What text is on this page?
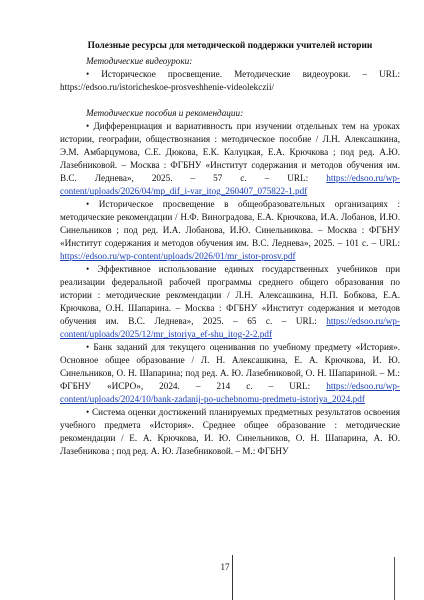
Полезные ресурсы для методической поддержки учителей истории

Методические видеоуроки:

• Историческое просвещение. Методические видеоуроки. – URL: https://edsoo.ru/istoricheskoe-prosveshhenie-videolekczii/

Методические пособия и рекомендации:

• Дифференциация и вариативность при изучении отдельных тем на уроках истории, географии, обществознания : методическое пособие / Л.Н. Алексашкина, Э.М. Амбарцумова, С.Е. Дюкова, Е.К. Калуцкая, Е.А. Крючкова ; под ред. А.Ю. Лазебниковой. – Москва : ФГБНУ «Институт содержания и методов обучения им. В.С. Леднева», 2025. – 57 с. – URL: https://edsoo.ru/wp-content/uploads/2026/04/mp_dif_i-var_itog_260407_075822-1.pdf

• Историческое просвещение в общеобразовательных организациях : методические рекомендации / Н.Ф. Виноградова, Е.А. Крючкова, И.А. Лобанов, И.Ю. Синельников ; под ред. И.А. Лобанова, И.Ю. Синельникова. – Москва : ФГБНУ «Институт содержания и методов обучения им. В.С. Леднева», 2025. – 101 с. – URL: https://edsoo.ru/wp-content/uploads/2026/01/mr_istor-prosv.pdf

• Эффективное использование единых государственных учебников при реализации федеральной рабочей программы среднего общего образования по истории : методические рекомендации / Л.Н. Алексашкина, Н.П. Бобкова, Е.А. Крючкова, О.Н. Шапарина. – Москва : ФГБНУ «Институт содержания и методов обучения им. В.С. Леднева», 2025. – 65 с. – URL: https://edsoo.ru/wp-content/uploads/2025/12/mr_istoriya_ef-shu_itog-2-2.pdf

• Банк заданий для текущего оценивания по учебному предмету «История». Основное общее образование / Л. Н. Алексашкина, Е. А. Крючкова, И. Ю. Синельников, О. Н. Шапарина; под ред. А. Ю. Лазебниковой, О. Н. Шапариной. – М.: ФГБНУ «ИСРО», 2024. – 214 с. – URL: https://edsoo.ru/wp-content/uploads/2024/10/bank-zadanij-po-uchebnomu-predmetu-istoriya_2024.pdf

• Система оценки достижений планируемых предметных результатов освоения учебного предмета «История». Среднее общее образование : методические рекомендации / Е. А. Крючкова, И. Ю. Синельников, О. Н. Шапарина, А. Ю. Лазебникова ; под ред. А. Ю. Лазебниковой. – М.: ФГБНУ

17
